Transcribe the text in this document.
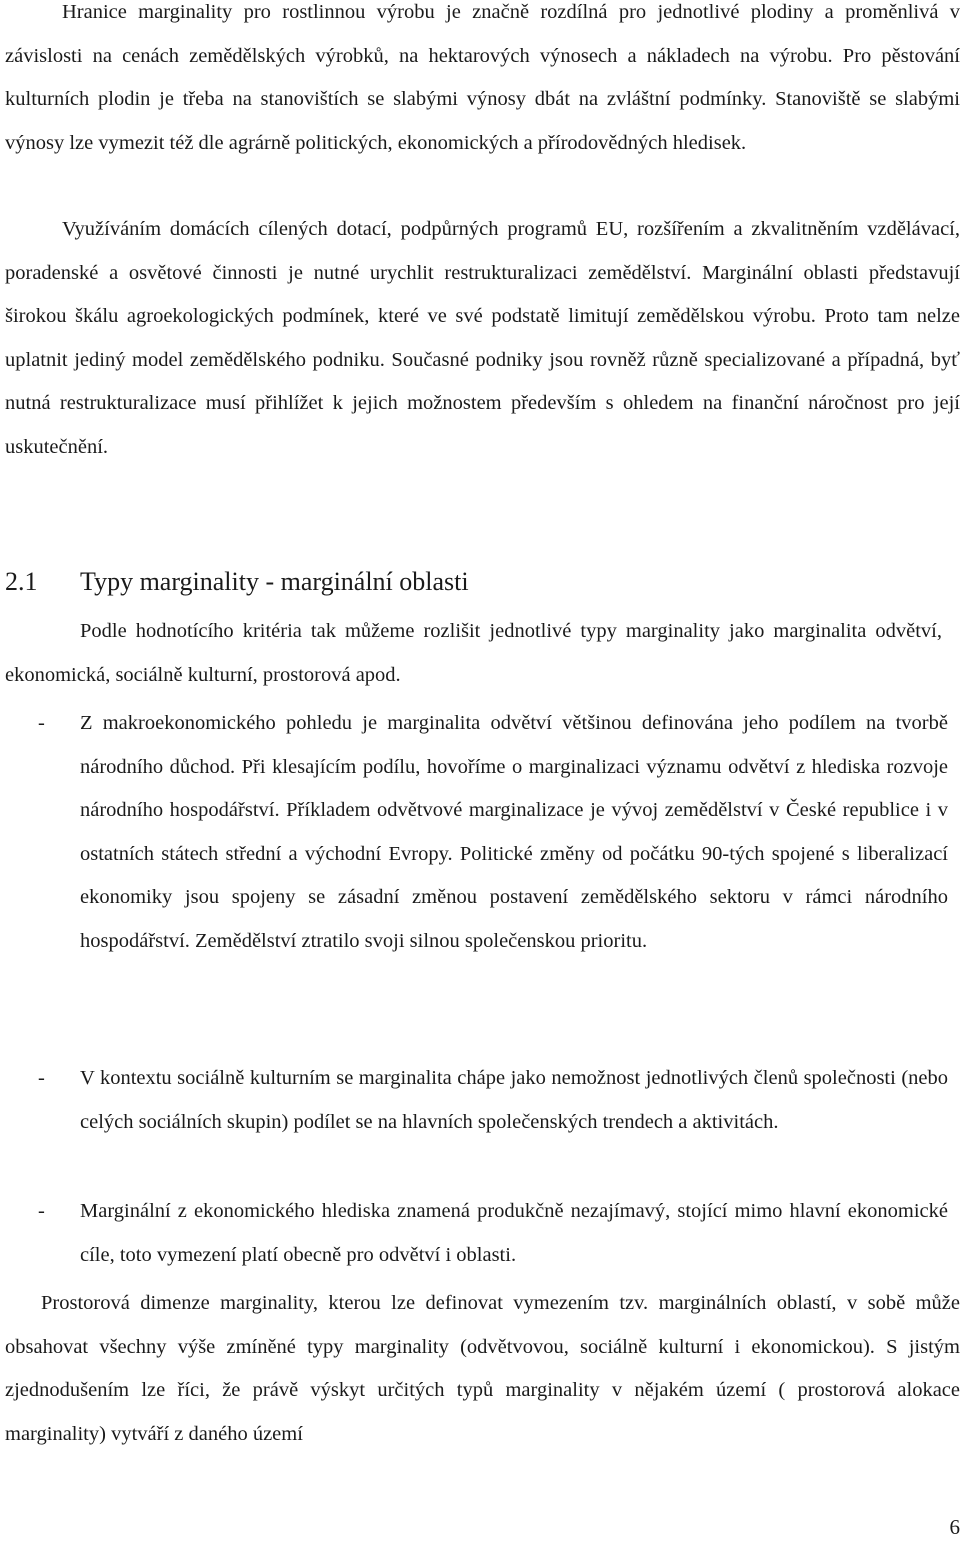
Hranice marginality pro rostlinnou výrobu je značně rozdílná pro jednotlivé plodiny a proměnlivá v závislosti na cenách zemědělských výrobků, na hektarových výnosech a nákladech na výrobu. Pro pěstování kulturních plodin je třeba na stanovištích se slabými výnosy dbát na zvláštní podmínky. Stanoviště se slabými výnosy lze vymezit též dle agrárně politických, ekonomických a přírodovědných hledisek.

Využíváním domácích cílených dotací, podpůrných programů EU, rozšířením a zkvalitněním vzdělávací, poradenské a osvětové činnosti je nutné urychlit restrukturalizaci zemědělství. Marginální oblasti představují širokou škálu agroekologických podmínek, které ve své podstatě limitují zemědělskou výrobu. Proto tam nelze uplatnit jediný model zemědělského podniku. Současné podniky jsou rovněž různě specializované a případná, byť nutná restrukturalizace musí přihlížet k jejich možnostem především s ohledem na finanční náročnost pro její uskutečnění.

2.1 Typy marginality - marginální oblasti

Podle hodnotícího kritéria tak můžeme rozlišit jednotlivé typy marginality jako marginalita odvětví, ekonomická, sociálně kulturní, prostorová apod.

- Z makroekonomického pohledu je marginalita odvětví většinou definována jeho podílem na tvorbě národního důchod. Při klesajícím podílu, hovoříme o marginalizaci významu odvětví z hlediska rozvoje národního hospodářství. Příkladem odvětvové marginalizace je vývoj zemědělství v České republice i v ostatních státech střední a východní Evropy. Politické změny od počátku 90-tých spojené s liberalizací ekonomiky jsou spojeny se zásadní změnou postavení zemědělského sektoru v rámci národního hospodářství. Zemědělství ztratilo svoji silnou společenskou prioritu.

- V kontextu sociálně kulturním se marginalita chápe jako nemožnost jednotlivých členů společnosti (nebo celých sociálních skupin) podílet se na hlavních společenských trendech a aktivitách.

- Marginální z ekonomického hlediska znamená produkčně nezajímavý, stojící mimo hlavní ekonomické cíle, toto vymezení platí obecně pro odvětví i oblasti.

Prostorová dimenze marginality, kterou lze definovat vymezením tzv. marginálních oblastí, v sobě může obsahovat všechny výše zmíněné typy marginality (odvětvovou, sociálně kulturní i ekonomickou). S jistým zjednodušením lze říci, že právě výskyt určitých typů marginality v nějakém území ( prostorová alokace marginality) vytváří z daného území

6
